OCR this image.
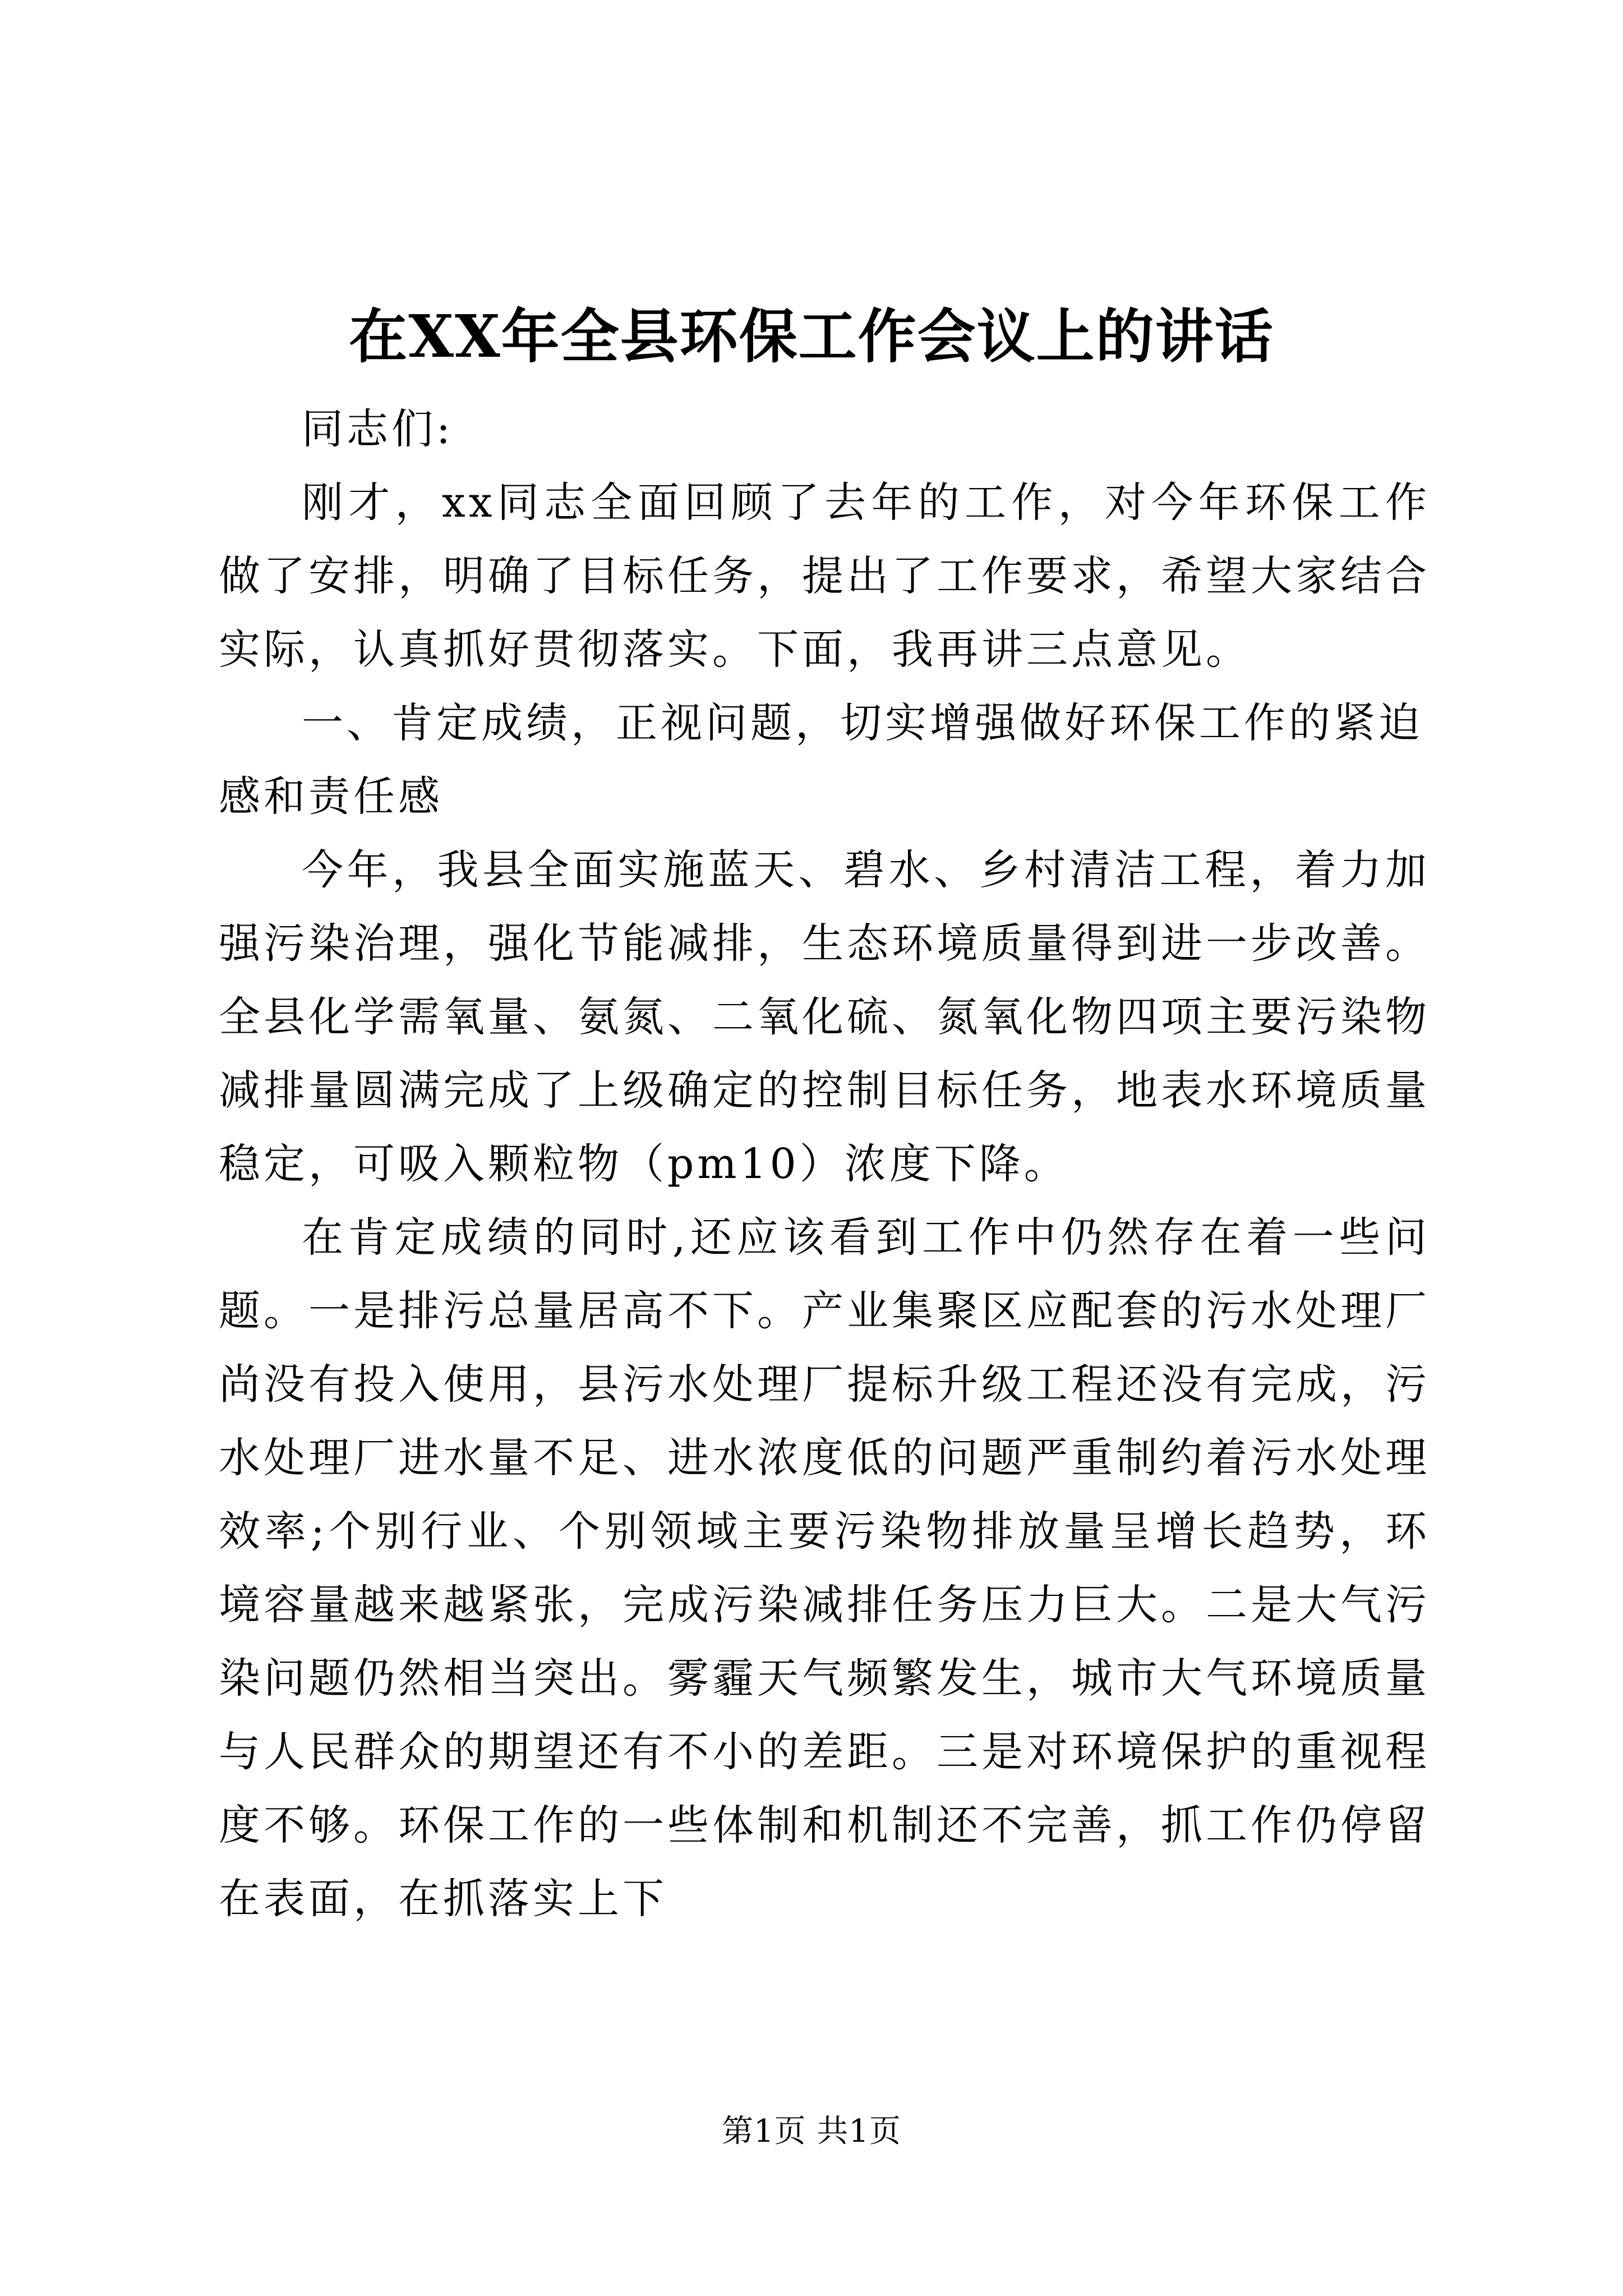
在XX年全县环保工作会议上的讲话

同志们:

刚才，xx同志全面回顾了去年的工作，对今年环保工作做了安排，明确了目标任务，提出了工作要求，希望大家结合实际，认真抓好贯彻落实。下面，我再讲三点意见。

一、肯定成绩，正视问题，切实增强做好环保工作的紧迫感和责任感

今年，我县全面实施蓝天、碧水、乡村清洁工程，着力加强污染治理，强化节能减排，生态环境质量得到进一步改善。全县化学需氧量、氨氮、二氧化硫、氮氧化物四项主要污染物减排量圆满完成了上级确定的控制目标任务，地表水环境质量稳定，可吸入颗粒物（pm10）浓度下降。

在肯定成绩的同时,还应该看到工作中仍然存在着一些问题。一是排污总量居高不下。产业集聚区应配套的污水处理厂尚没有投入使用，县污水处理厂提标升级工程还没有完成，污水处理厂进水量不足、进水浓度低的问题严重制约着污水处理效率;个别行业、个别领域主要污染物排放量呈增长趋势，环境容量越来越紧张，完成污染减排任务压力巨大。二是大气污染问题仍然相当突出。雾霾天气频繁发生，城市大气环境质量与人民群众的期望还有不小的差距。三是对环境保护的重视程度不够。环保工作的一些体制和机制还不完善，抓工作仍停留在表面，在抓落实上下

第1页 共1页
